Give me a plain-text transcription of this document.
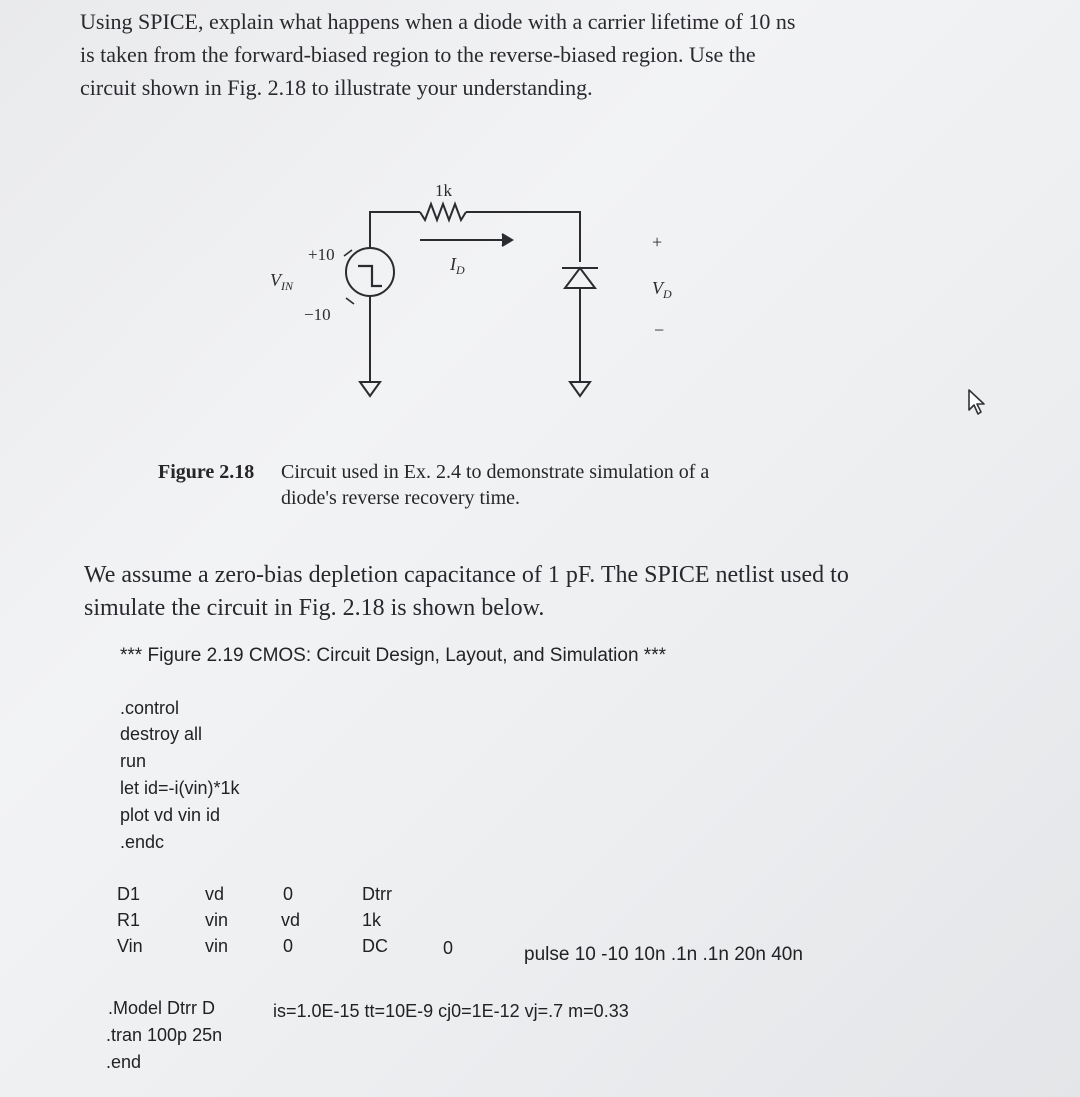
Using SPICE, explain what happens when a diode with a carrier lifetime of 10 ns
is taken from the forward-biased region to the reverse-biased region. Use the
circuit shown in Fig. 2.18 to illustrate your understanding.
1k
+10
−10
$V_{IN}$
$I_D$
+
$V_D$
−
Figure 2.18 Circuit used in Ex. 2.4 to demonstrate simulation of a
diode's reverse recovery time.
We assume a zero-bias depletion capacitance of 1 pF. The SPICE netlist used to
simulate the circuit in Fig. 2.18 is shown below.
*** Figure 2.19 CMOS: Circuit Design, Layout, and Simulation ***
.control
destroy all
run
let id=-i(vin)*1k
plot vd vin id
.endc
D1	vd	0	Dtrr
R1	vin	vd	1k
Vin	vin	0	DC	0	pulse 10 -10 10n .1n .1n 20n 40n
.Model Dtrr D	is=1.0E-15 tt=10E-9 cj0=1E-12 vj=.7 m=0.33
.tran 100p 25n
.end
